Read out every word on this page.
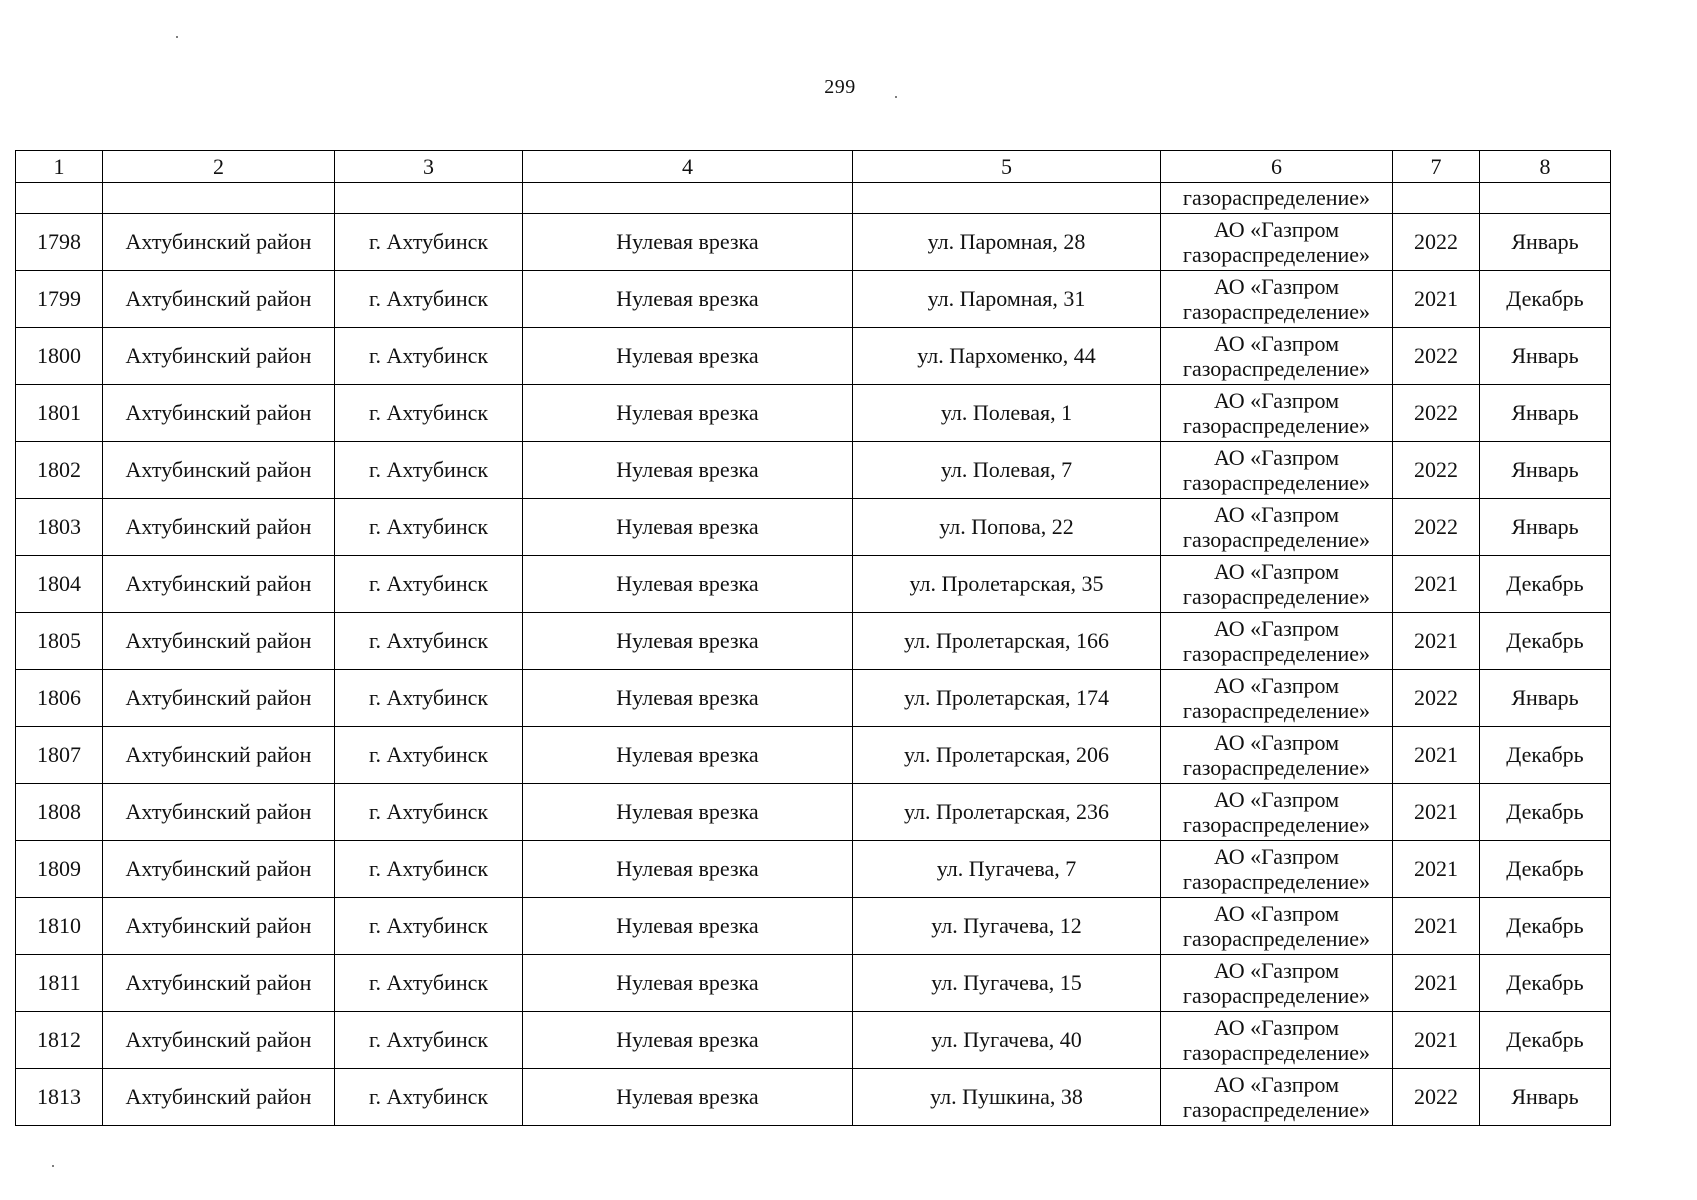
299
1	2	3	4	5	6	7	8
					газораспределение»		
1798	Ахтубинский район	г. Ахтубинск	Нулевая врезка	ул. Паромная, 28	АО «Газпром газораспределение»	2022	Январь
1799	Ахтубинский район	г. Ахтубинск	Нулевая врезка	ул. Паромная, 31	АО «Газпром газораспределение»	2021	Декабрь
1800	Ахтубинский район	г. Ахтубинск	Нулевая врезка	ул. Пархоменко, 44	АО «Газпром газораспределение»	2022	Январь
1801	Ахтубинский район	г. Ахтубинск	Нулевая врезка	ул. Полевая, 1	АО «Газпром газораспределение»	2022	Январь
1802	Ахтубинский район	г. Ахтубинск	Нулевая врезка	ул. Полевая, 7	АО «Газпром газораспределение»	2022	Январь
1803	Ахтубинский район	г. Ахтубинск	Нулевая врезка	ул. Попова, 22	АО «Газпром газораспределение»	2022	Январь
1804	Ахтубинский район	г. Ахтубинск	Нулевая врезка	ул. Пролетарская, 35	АО «Газпром газораспределение»	2021	Декабрь
1805	Ахтубинский район	г. Ахтубинск	Нулевая врезка	ул. Пролетарская, 166	АО «Газпром газораспределение»	2021	Декабрь
1806	Ахтубинский район	г. Ахтубинск	Нулевая врезка	ул. Пролетарская, 174	АО «Газпром газораспределение»	2022	Январь
1807	Ахтубинский район	г. Ахтубинск	Нулевая врезка	ул. Пролетарская, 206	АО «Газпром газораспределение»	2021	Декабрь
1808	Ахтубинский район	г. Ахтубинск	Нулевая врезка	ул. Пролетарская, 236	АО «Газпром газораспределение»	2021	Декабрь
1809	Ахтубинский район	г. Ахтубинск	Нулевая врезка	ул. Пугачева, 7	АО «Газпром газораспределение»	2021	Декабрь
1810	Ахтубинский район	г. Ахтубинск	Нулевая врезка	ул. Пугачева, 12	АО «Газпром газораспределение»	2021	Декабрь
1811	Ахтубинский район	г. Ахтубинск	Нулевая врезка	ул. Пугачева, 15	АО «Газпром газораспределение»	2021	Декабрь
1812	Ахтубинский район	г. Ахтубинск	Нулевая врезка	ул. Пугачева, 40	АО «Газпром газораспределение»	2021	Декабрь
1813	Ахтубинский район	г. Ахтубинск	Нулевая врезка	ул. Пушкина, 38	АО «Газпром газораспределение»	2022	Январь
